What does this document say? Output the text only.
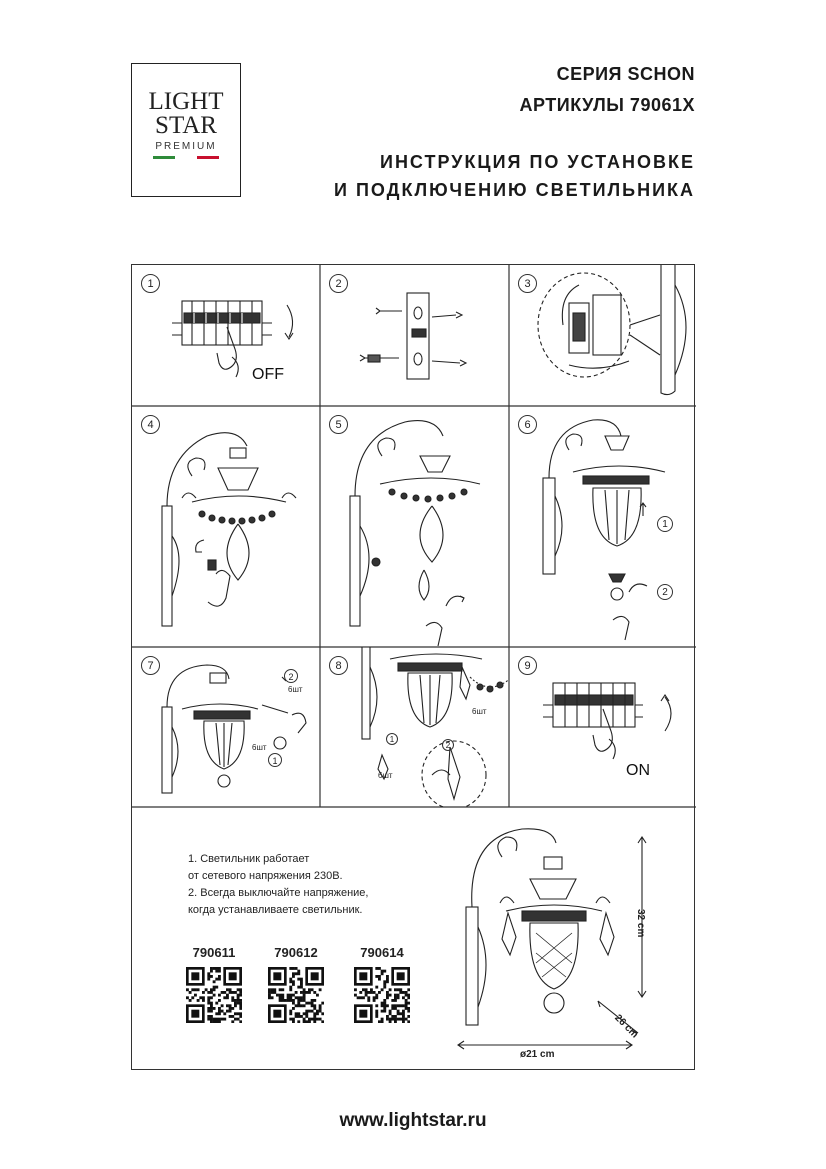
LIGHT
STAR
PREMIUM
СЕРИЯ SCHON
АРТИКУЛЫ 79061X
ИНСТРУКЦИЯ ПО УСТАНОВКЕ
И ПОДКЛЮЧЕНИЮ СВЕТИЛЬНИКА
1
OFF
2	3
4	5	6
1
2
7
2
6шт
6шт
1
8
6шт
1
6шт
2
9
ON
1. Светильник работает
от сетевого напряжения 230В.
2. Всегда выключайте напряжение,
когда устанавливаете светильник.
790611	790612	790614
32 cm
26 cm
ø21 cm
www.lightstar.ru
